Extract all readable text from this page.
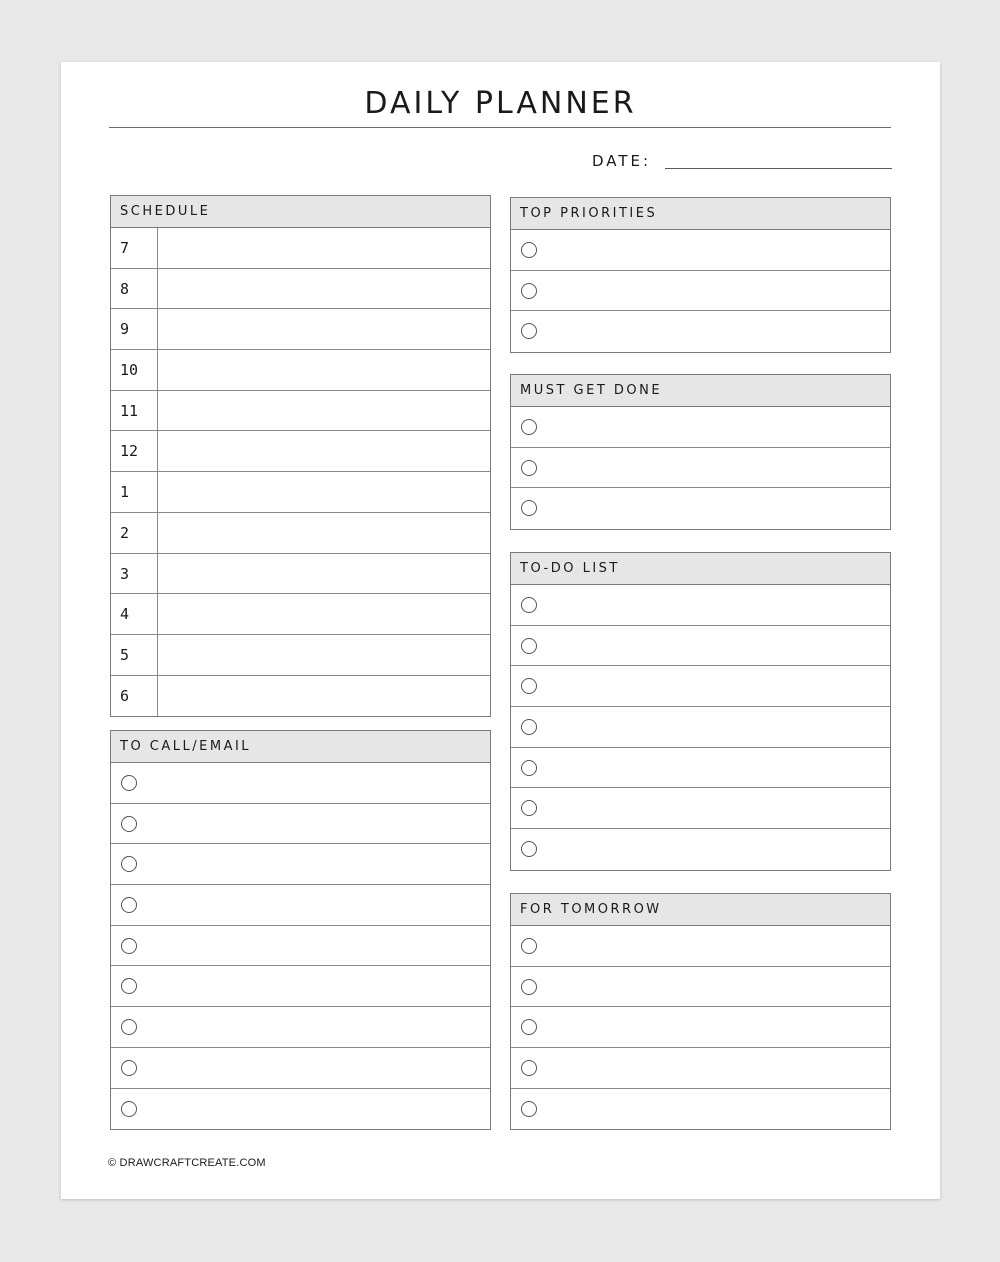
DAILY PLANNER
DATE:
SCHEDULE
7
8
9
10
11
12
1
2
3
4
5
6
TO CALL/EMAIL
TOP PRIORITIES
MUST GET DONE
TO-DO LIST
FOR TOMORROW
© DRAWCRAFTCREATE.COM
